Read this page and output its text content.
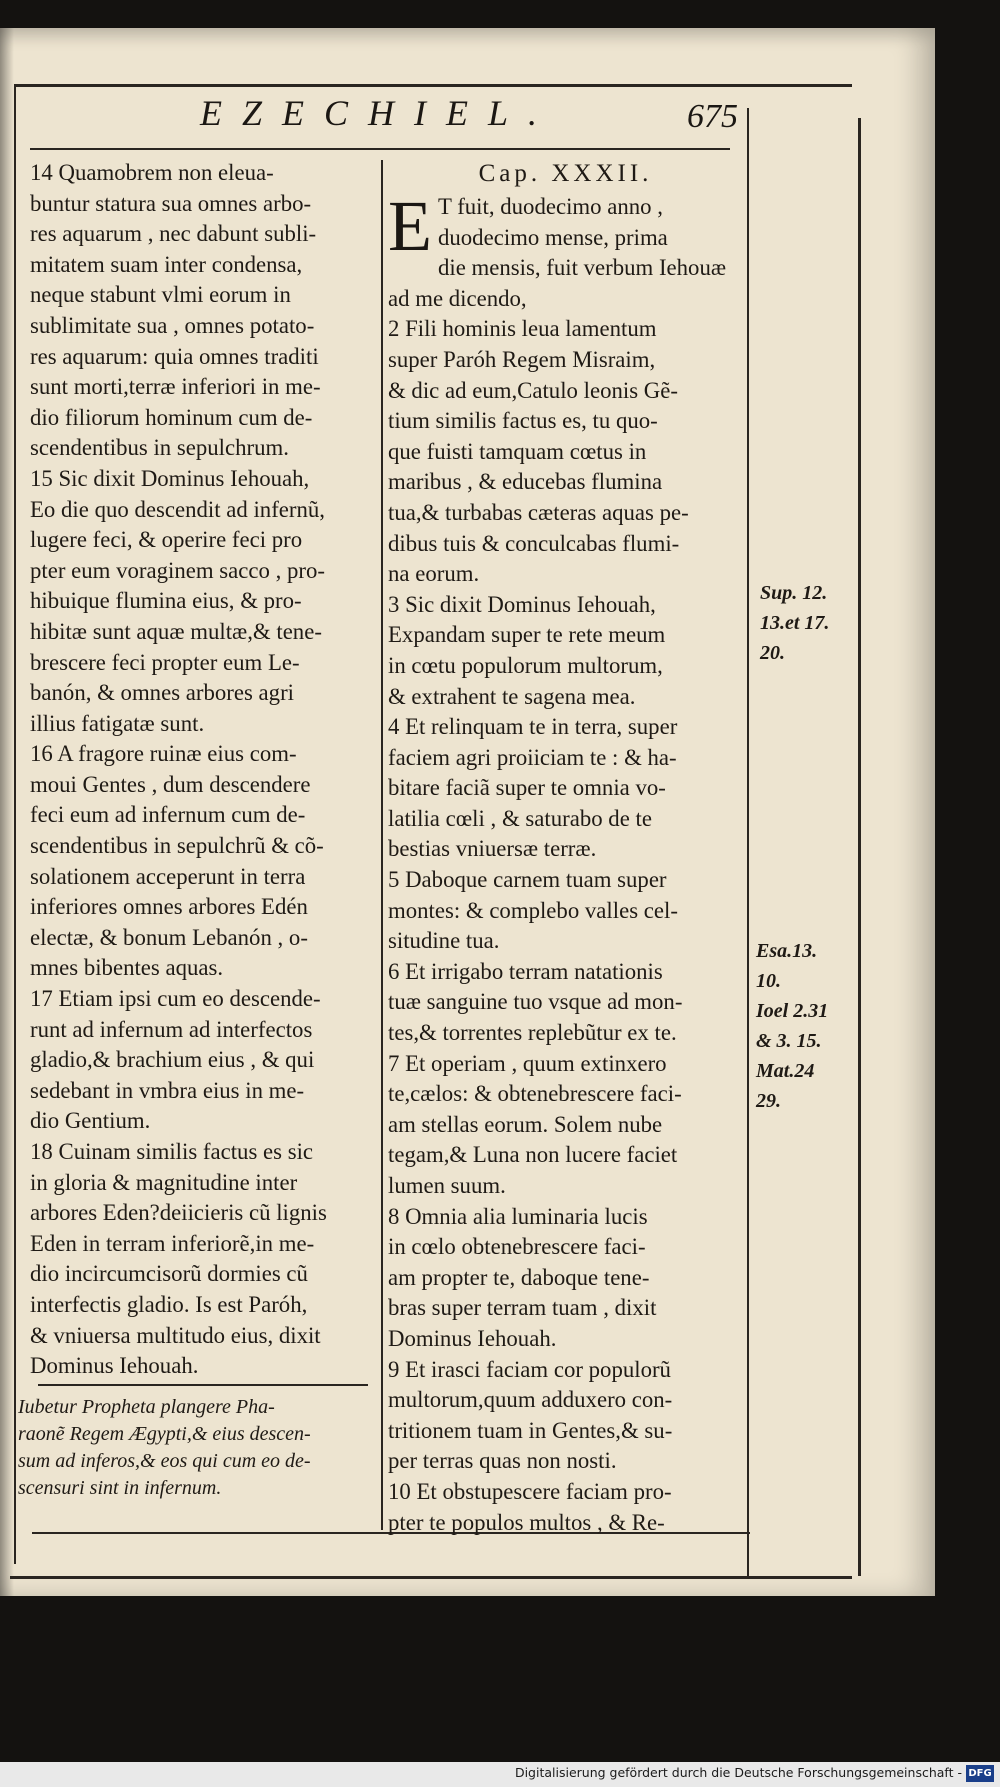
EZECHIEL.	675
14 Quamobrem non eleua-
buntur statura sua omnes arbo-
res aquarum , nec dabunt subli-
mitatem suam inter condensa,
neque stabunt vlmi eorum in
sublimitate sua , omnes potato-
res aquarum: quia omnes traditi
sunt morti,terræ inferiori in me-
dio filiorum hominum cum de-
scendentibus in sepulchrum.
15 Sic dixit Dominus Iehouah,
Eo die quo descendit ad infernũ,
lugere feci, & operire feci pro
pter eum voraginem sacco , pro-
hibuique flumina eius, & pro-
hibitæ sunt aquæ multæ,& tene-
brescere feci propter eum Le-
banón, & omnes arbores agri
illius fatigatæ sunt.
16 A fragore ruinæ eius com-
moui Gentes , dum descendere
feci eum ad infernum cum de-
scendentibus in sepulchrũ & cõ-
solationem acceperunt in terra
inferiores omnes arbores Edén
electæ, & bonum Lebanón , o-
mnes bibentes aquas.
17 Etiam ipsi cum eo descende-
runt ad infernum ad interfectos
gladio,& brachium eius , & qui
sedebant in vmbra eius in me-
dio Gentium.
18 Cuinam similis factus es sic
in gloria & magnitudine inter
arbores Eden?deiicieris cũ lignis
Eden in terram inferiorẽ,in me-
dio incircumcisorũ dormies cũ
interfectis gladio. Is est Paróh,
& vniuersa multitudo eius, dixit
Dominus Iehouah.
Iubetur Propheta plangere Pha-
raonẽ Regem Ægypti,& eius descen-
sum ad inferos,& eos qui cum eo de-
scensuri sint in infernum.
Cap. XXXII.
E T fuit, duodecimo anno ,
duodecimo mense, prima
die mensis, fuit verbum Iehouæ
ad me dicendo,
2 Fili hominis leua lamentum
super Paróh Regem Misraim,
& dic ad eum,Catulo leonis Gẽ-
tium similis factus es, tu quo-
que fuisti tamquam cœtus in
maribus , & educebas flumina
tua,& turbabas cæteras aquas pe-
dibus tuis & conculcabas flumi-
na eorum.
3 Sic dixit Dominus Iehouah,
Expandam super te rete meum
in cœtu populorum multorum,
& extrahent te sagena mea.
4 Et relinquam te in terra, super
faciem agri proiiciam te : & ha-
bitare faciã super te omnia vo-
latilia cœli , & saturabo de te
bestias vniuersæ terræ.
5 Daboque carnem tuam super
montes: & complebo valles cel-
situdine tua.
6 Et irrigabo terram natationis
tuæ sanguine tuo vsque ad mon-
tes,& torrentes replebũtur ex te.
7 Et operiam , quum extinxero
te,cælos: & obtenebrescere faci-
am stellas eorum. Solem nube
tegam,& Luna non lucere faciet
lumen suum.
8 Omnia alia luminaria lucis
in cœlo obtenebrescere faci-
am propter te, daboque tene-
bras super terram tuam , dixit
Dominus Iehouah.
9 Et irasci faciam cor populorũ
multorum,quum adduxero con-
tritionem tuam in Gentes,& su-
per terras quas non nosti.
10 Et obstupescere faciam pro-
pter te populos multos , & Re-
Sup. 12.
13.et 17.
20.
Esa.13.
10.
Ioel 2.31
& 3. 15.
Mat.24
29.
Digitalisierung gefördert durch die Deutsche Forschungsgemeinschaft - DFG
